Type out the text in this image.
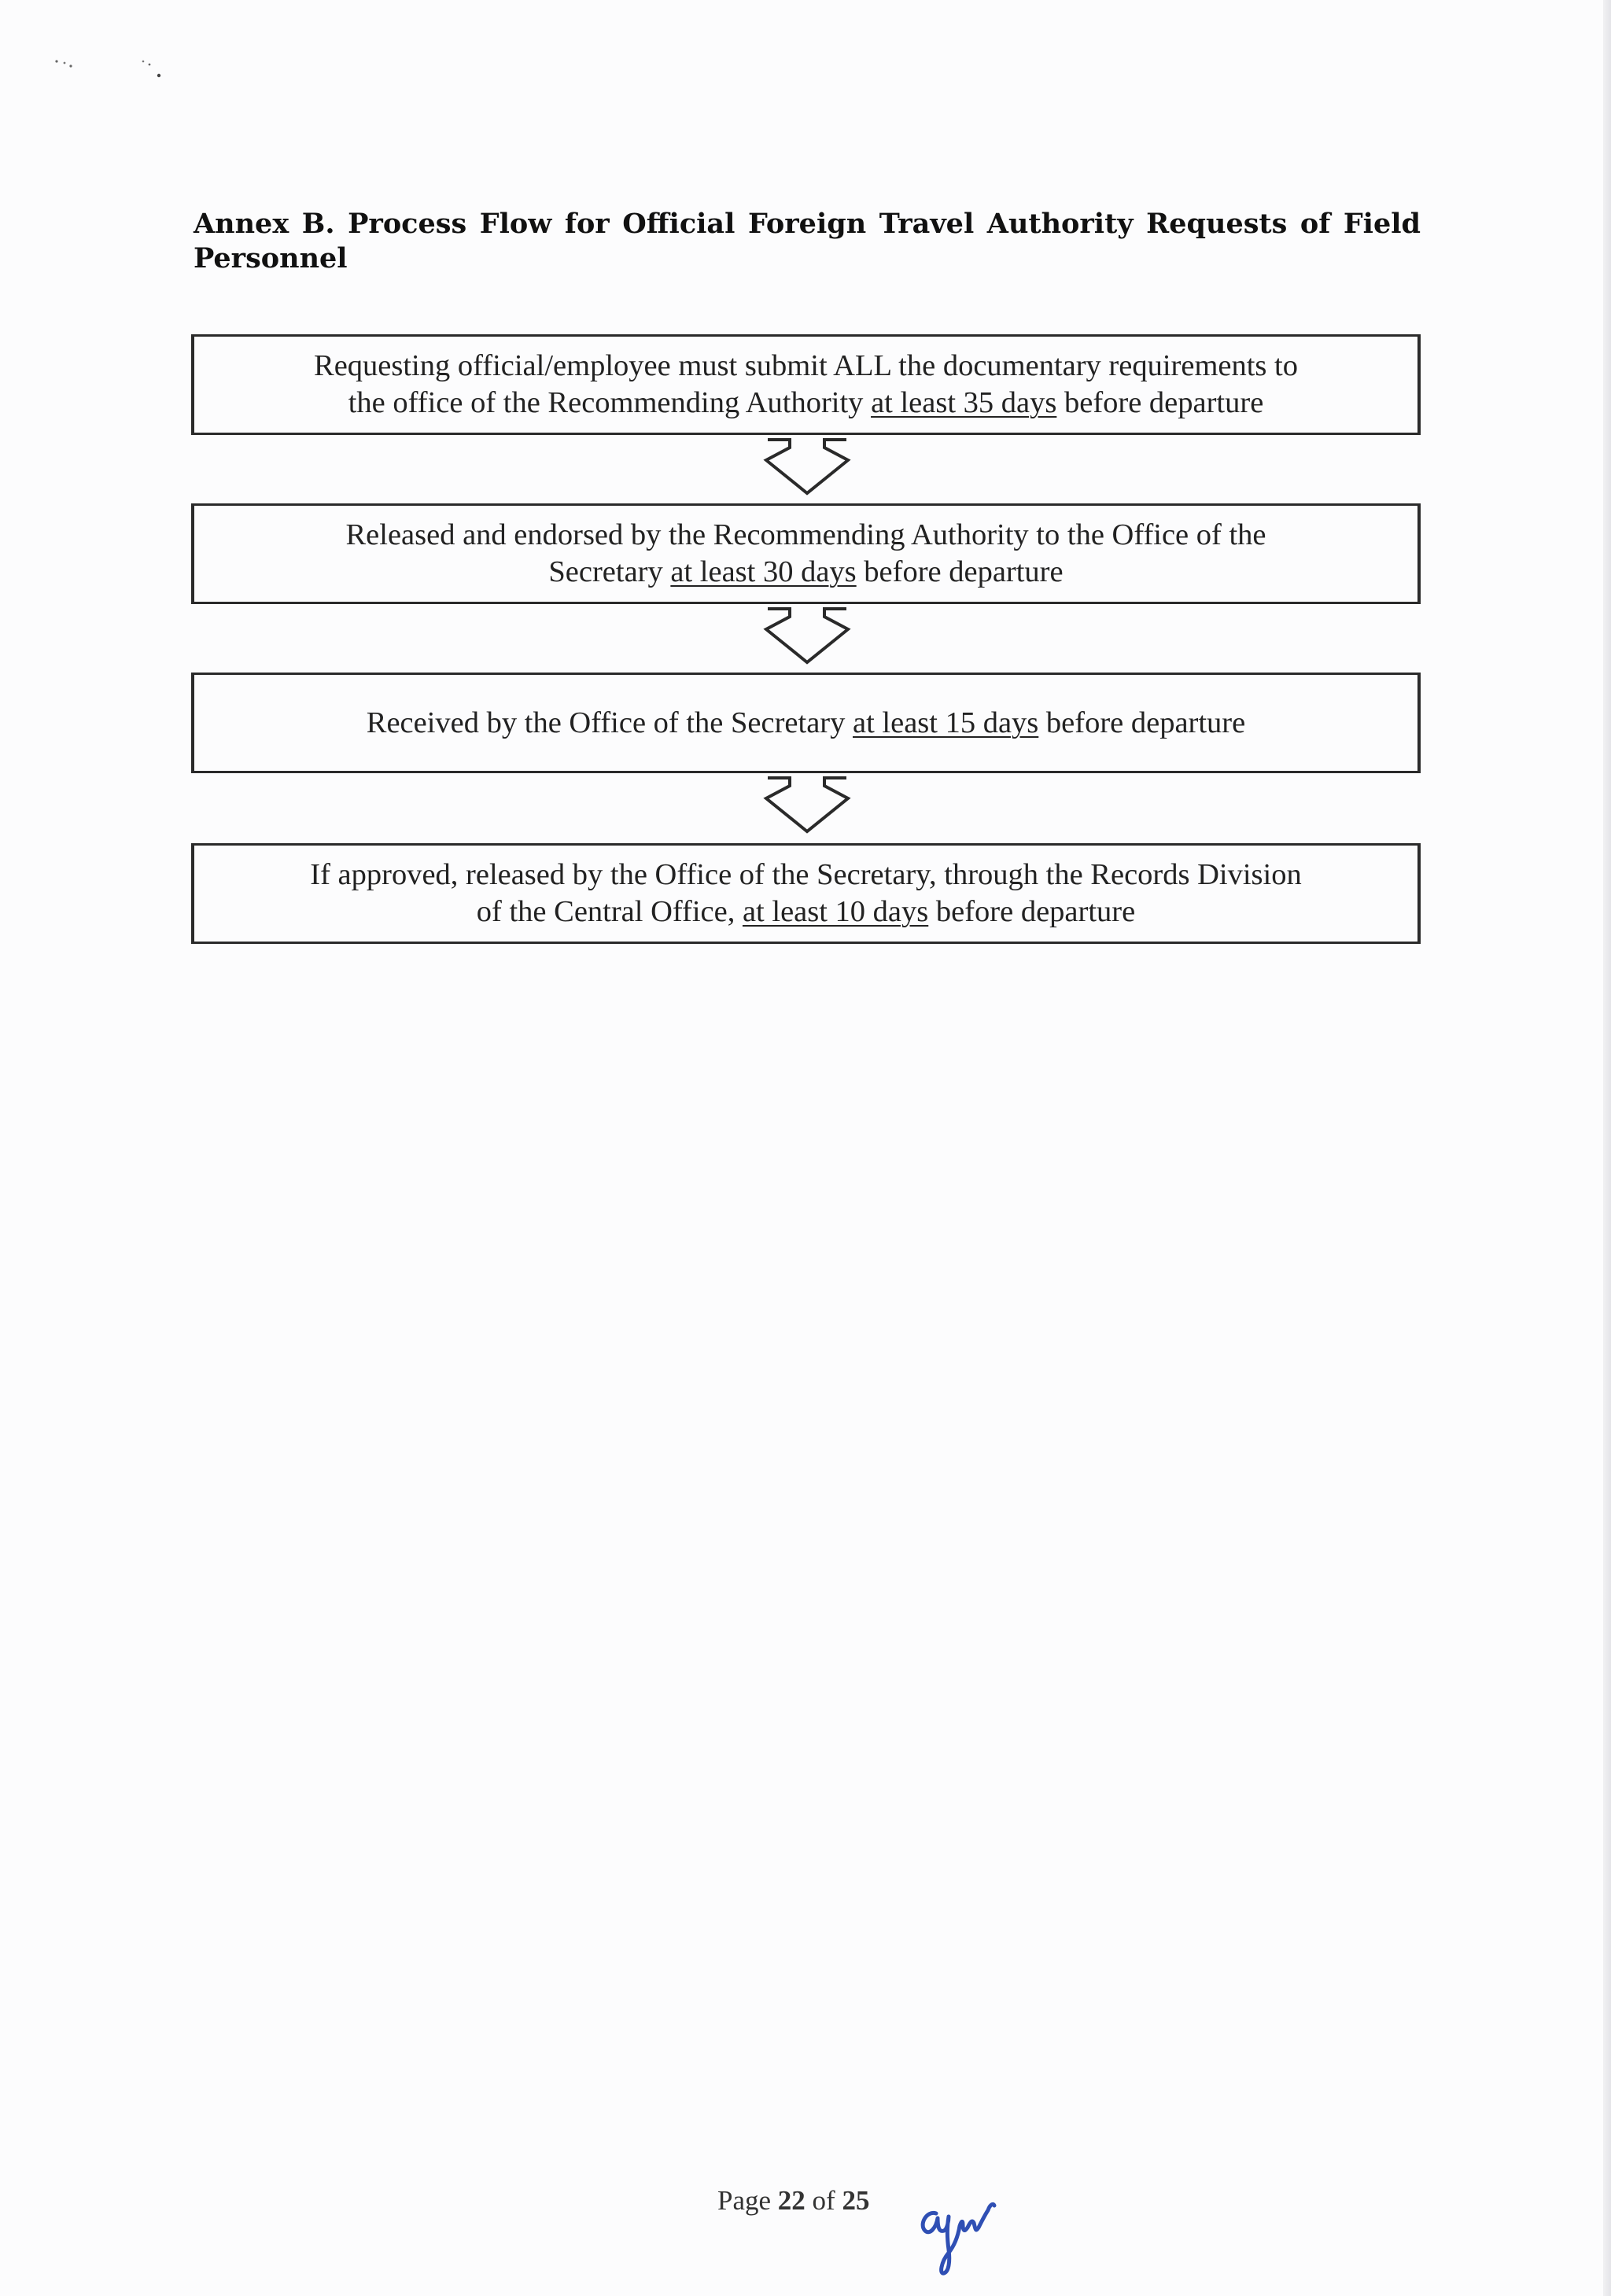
Annex B. Process Flow for Official Foreign Travel Authority Requests of Field Personnel
Requesting official/employee must submit ALL the documentary requirements to
the office of the Recommending Authority at least 35 days before departure
Released and endorsed by the Recommending Authority to the Office of the
Secretary at least 30 days before departure
Received by the Office of the Secretary at least 15 days before departure
If approved, released by the Office of the Secretary, through the Records Division
of the Central Office, at least 10 days before departure
Page 22 of 25
